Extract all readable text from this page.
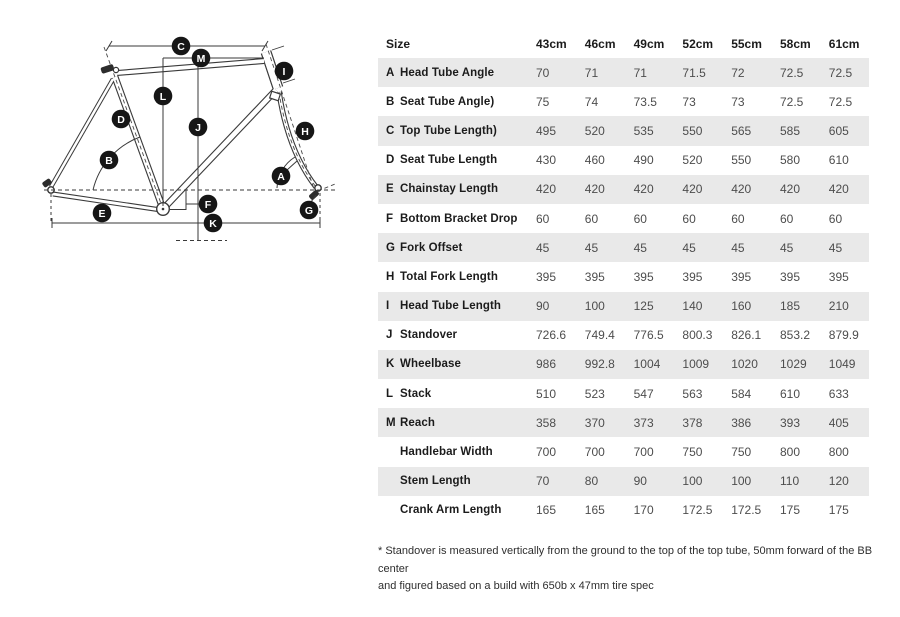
A
B
C
D
E
F	G
H
I
J
K
L
M
Size	43cm	46cm	49cm	52cm	55cm	58cm	61cm
A Head Tube Angle	70	71	71	71.5	72	72.5	72.5
B Seat Tube Angle)	75	74	73.5	73	73	72.5	72.5
C Top Tube Length)	495	520	535	550	565	585	605
D Seat Tube Length	430	460	490	520	550	580	610
E Chainstay Length	420	420	420	420	420	420	420
F Bottom Bracket Drop	60	60	60	60	60	60	60
G Fork Offset	45	45	45	45	45	45	45
H Total Fork Length	395	395	395	395	395	395	395
I Head Tube Length	90	100	125	140	160	185	210
J Standover	726.6	749.4	776.5	800.3	826.1	853.2	879.9
K Wheelbase	986	992.8	1004	1009	1020	1029	1049
L Stack	510	523	547	563	584	610	633
M Reach	358	370	373	378	386	393	405
Handlebar Width	700	700	700	750	750	800	800
Stem Length	70	80	90	100	100	110	120
Crank Arm Length	165	165	170	172.5	172.5	175	175
* Standover is measured vertically from the ground to the top of the top tube, 50mm forward of the BB center
and figured based on a build with 650b x 47mm tire spec
